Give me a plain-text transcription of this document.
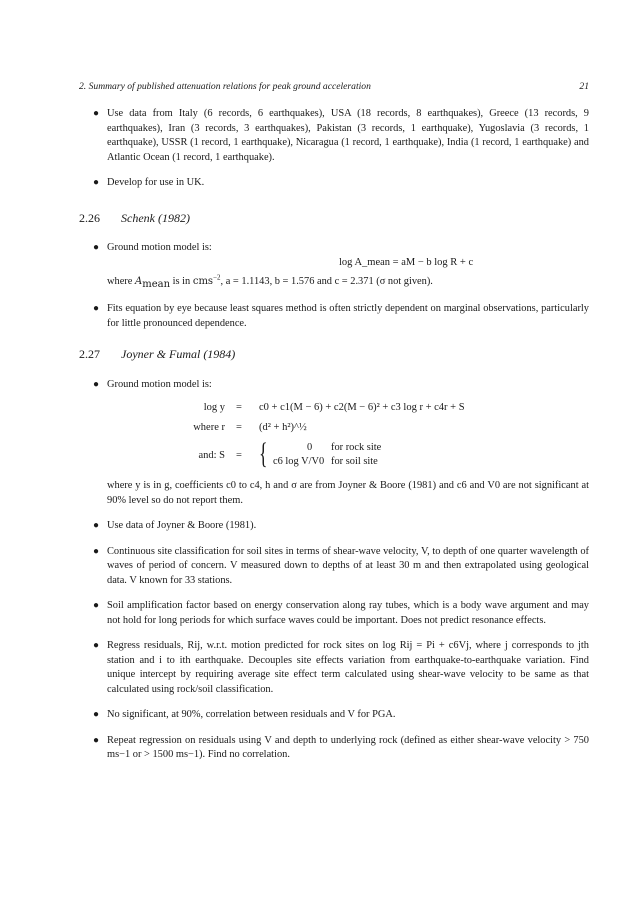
2. Summary of published attenuation relations for peak ground acceleration	21
● Use data from Italy (6 records, 6 earthquakes), USA (18 records, 8 earthquakes), Greece (13 records, 9 earthquakes), Iran (3 records, 3 earthquakes), Pakistan (3 records, 1 earthquake), Yugoslavia (3 records, 1 earthquake), USSR (1 record, 1 earthquake), Nicaragua (1 record, 1 earthquake), India (1 record, 1 earthquake) and Atlantic Ocean (1 record, 1 earthquake).
● Develop for use in UK.
2.26 Schenk (1982)
● Ground motion model is:
log A_mean = aM − b log R + c
where $A_{mean}$ is in cms$^{-2}$, a = 1.1143, b = 1.576 and c = 2.371 (σ not given).
● Fits equation by eye because least squares method is often strictly dependent on marginal observations, particularly for little pronounced dependence.
2.27 Joyner & Fumal (1984)
● Ground motion model is:
log y = c0 + c1(M − 6) + c2(M − 6)² + c3 log r + c4r + S
where r = (d² + h²)^½
and: S = {	0 for rock site
c6 log V/V0 for soil site
where y is in g, coefficients c0 to c4, h and σ are from Joyner & Boore (1981) and c6 and V0 are not significant at 90% level so do not report them.
● Use data of Joyner & Boore (1981).
● Continuous site classification for soil sites in terms of shear-wave velocity, V, to depth of one quarter wavelength of waves of period of concern. V measured down to depths of at least 30 m and then extrapolated using geological data. V known for 33 stations.
● Soil amplification factor based on energy conservation along ray tubes, which is a body wave argument and may not hold for long periods for which surface waves could be important. Does not predict resonance effects.
● Regress residuals, Rij, w.r.t. motion predicted for rock sites on log Rij = Pi + c6Vj, where j corresponds to jth station and i to ith earthquake. Decouples site effects variation from earthquake-to-earthquake variation. Find unique intercept by requiring average site effect term calculated using shear-wave velocity to be same as that calculated using rock/soil classification.
● No significant, at 90%, correlation between residuals and V for PGA.
● Repeat regression on residuals using V and depth to underlying rock (defined as either shear-wave velocity > 750 ms−1 or > 1500 ms−1). Find no correlation.
